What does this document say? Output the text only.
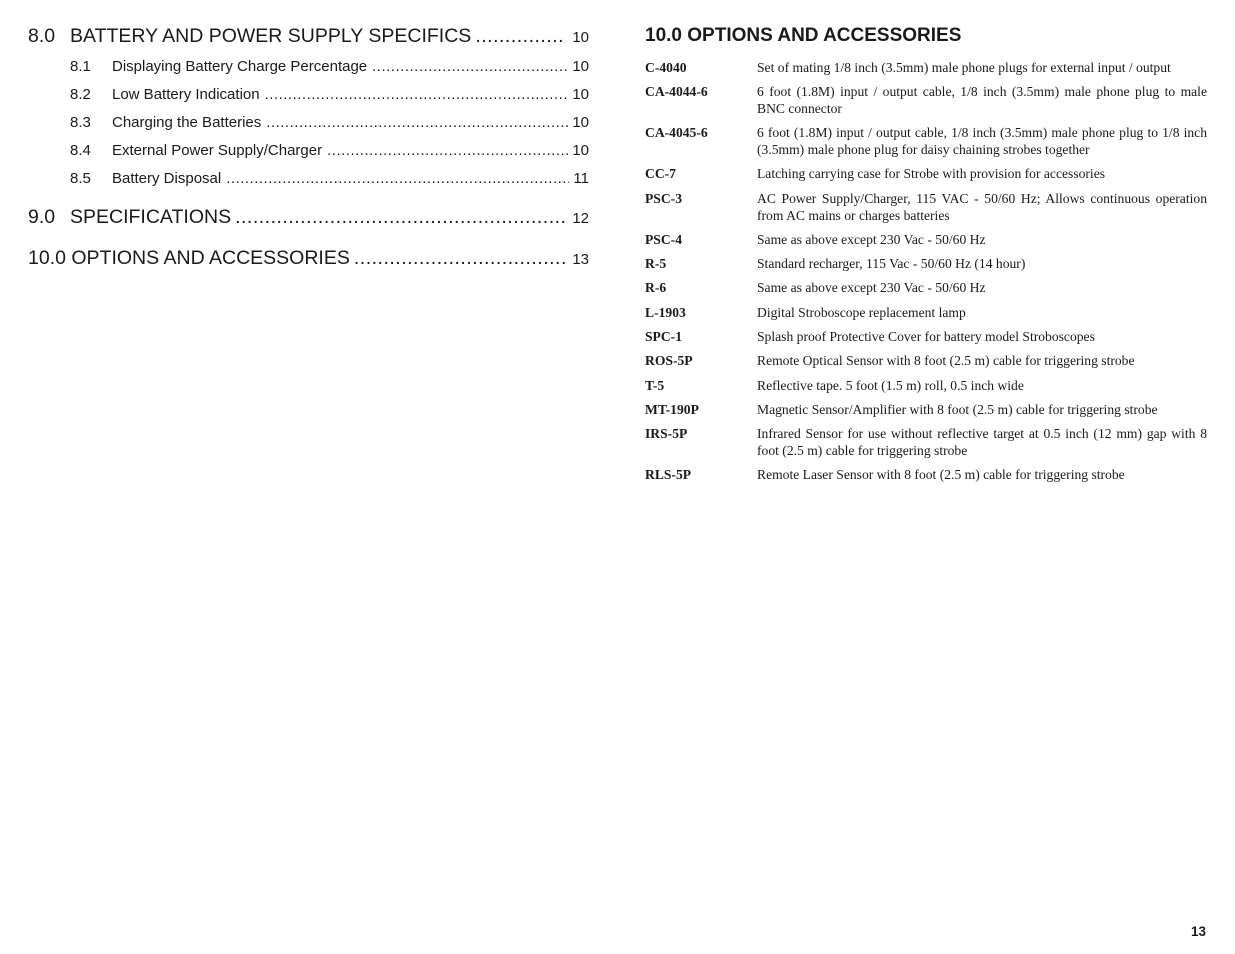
8.0 BATTERY AND POWER SUPPLY SPECIFICS .....	10
8.1	Displaying Battery Charge Percentage .....	10
8.2	Low Battery Indication .....	10
8.3	Charging the Batteries .....	10
8.4	External Power Supply/Charger .....	10
8.5	Battery Disposal .....	11
9.0 SPECIFICATIONS .....	12
10.0 OPTIONS AND ACCESSORIES .....	13
10.0 OPTIONS AND ACCESSORIES
C-4040	Set of mating 1/8 inch (3.5mm) male phone plugs for external input / output
CA-4044-6	6 foot (1.8M) input / output cable, 1/8 inch (3.5mm) male phone plug to male BNC connector
CA-4045-6	6 foot (1.8M) input / output cable, 1/8 inch (3.5mm) male phone plug to 1/8 inch (3.5mm) male phone plug for daisy chaining strobes together
CC-7	Latching carrying case for Strobe with provision for accessories
PSC-3	AC Power Supply/Charger, 115 VAC - 50/60 Hz; Allows continuous operation from AC mains or charges batteries
PSC-4	Same as above except 230 Vac - 50/60 Hz
R-5	Standard recharger, 115 Vac - 50/60 Hz (14 hour)
R-6	Same as above except 230 Vac - 50/60 Hz
L-1903	Digital Stroboscope replacement lamp
SPC-1	Splash proof Protective Cover for battery model Stroboscopes
ROS-5P	Remote Optical Sensor with 8 foot (2.5 m) cable for triggering strobe
T-5	Reflective tape. 5 foot (1.5 m) roll, 0.5 inch wide
MT-190P	Magnetic Sensor/Amplifier with 8 foot (2.5 m) cable for triggering strobe
IRS-5P	Infrared Sensor for use without reflective target at 0.5 inch (12 mm) gap with 8 foot (2.5 m) cable for triggering strobe
RLS-5P	Remote Laser Sensor with 8 foot (2.5 m) cable for triggering strobe
13
